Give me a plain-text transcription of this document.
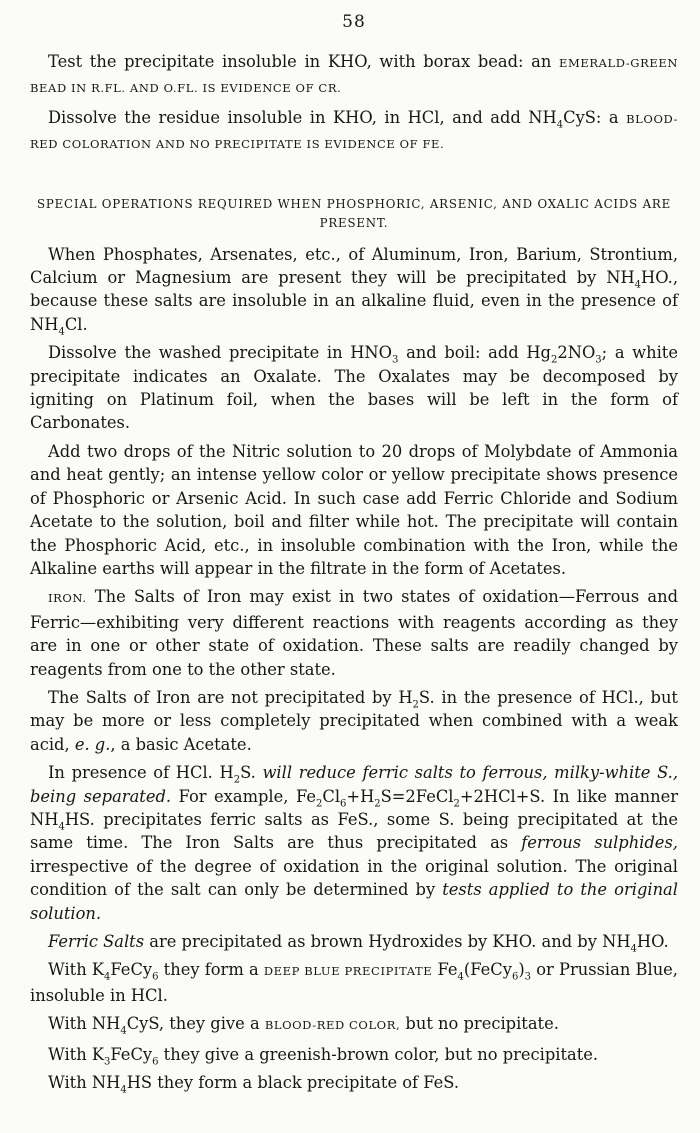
58

Test the precipitate insoluble in KHO, with borax bead: an EMERALD-GREEN BEAD IN R.FL. AND O.FL. IS EVIDENCE OF CR.

Dissolve the residue insoluble in KHO, in HCl, and add $NH_4CyS$: a BLOOD-RED COLORATION AND NO PRECIPITATE IS EVIDENCE OF FE.

SPECIAL OPERATIONS REQUIRED WHEN PHOSPHORIC, ARSENIC, AND OXALIC ACIDS ARE PRESENT.

When Phosphates, Arsenates, etc., of Aluminum, Iron, Barium, Strontium, Calcium or Magnesium are present they will be precipitated by $NH_4HO$., because these salts are insoluble in an alkaline fluid, even in the presence of $NH_4Cl$.

Dissolve the washed precipitate in $HNO_3$ and boil: add $Hg_22NO_3$; a white precipitate indicates an Oxalate. The Oxalates may be decomposed by igniting on Platinum foil, when the bases will be left in the form of Carbonates.

Add two drops of the Nitric solution to 20 drops of Molybdate of Ammonia and heat gently; an intense yellow color or yellow precipitate shows presence of Phosphoric or Arsenic Acid. In such case add Ferric Chloride and Sodium Acetate to the solution, boil and filter while hot. The precipitate will contain the Phosphoric Acid, etc., in insoluble combination with the Iron, while the Alkaline earths will appear in the filtrate in the form of Acetates.

IRON. The Salts of Iron may exist in two states of oxidation—Ferrous and Ferric—exhibiting very different reactions with reagents according as they are in one or other state of oxidation. These salts are readily changed by reagents from one to the other state.

The Salts of Iron are not precipitated by $H_2S$. in the presence of HCl., but may be more or less completely precipitated when combined with a weak acid, e. g., a basic Acetate.

In presence of HCl. $H_2S$. will reduce ferric salts to ferrous, milky-white S., being separated. For example, $Fe_2Cl_6+H_2S=2FeCl_2+2HCl+S$. In like manner $NH_4HS$. precipitates ferric salts as FeS., some S. being precipitated at the same time. The Iron Salts are thus precipitated as ferrous sulphides, irrespective of the degree of oxidation in the original solution. The original condition of the salt can only be determined by tests applied to the original solution.

Ferric Salts are precipitated as brown Hydroxides by KHO. and by $NH_4HO$.

With $K_4FeCy_6$ they form a DEEP BLUE PRECIPITATE $Fe_4(FeCy_6)_3$ or Prussian Blue, insoluble in HCl.

With $NH_4CyS$, they give a BLOOD-RED COLOR, but no precipitate.

With $K_3FeCy_6$ they give a greenish-brown color, but no precipitate.

With $NH_4HS$ they form a black precipitate of FeS.
